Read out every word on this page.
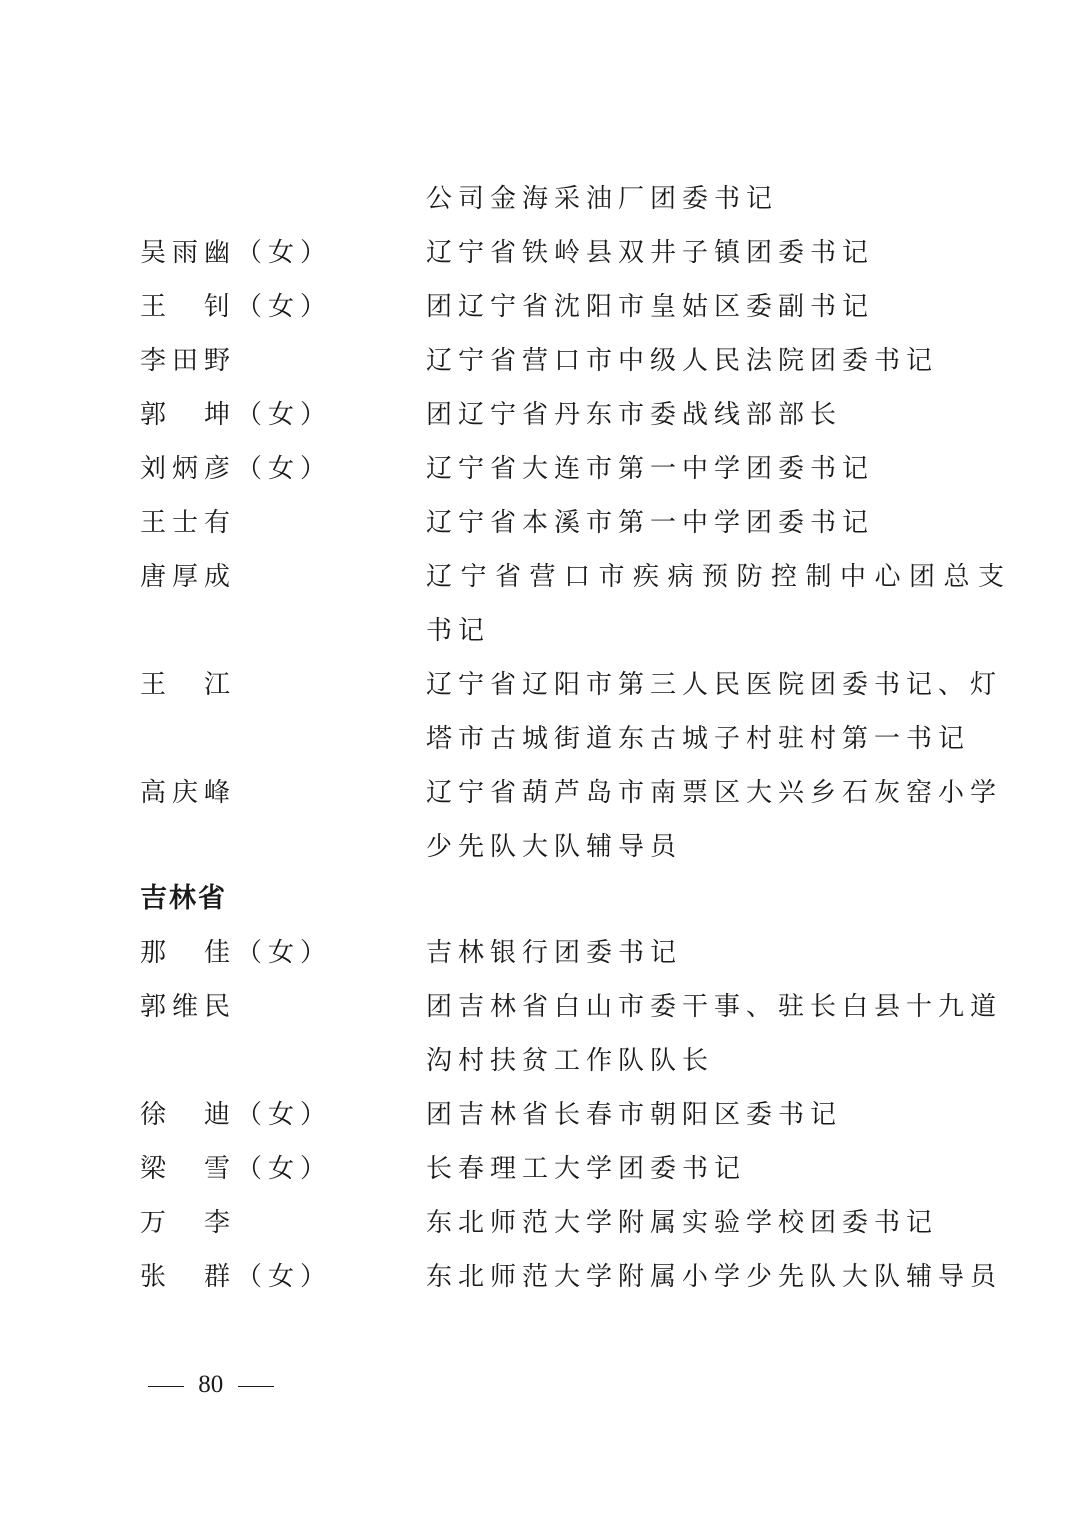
公司金海采油厂团委书记
吴雨幽（女）	辽宁省铁岭县双井子镇团委书记
王　钊（女）	团辽宁省沈阳市皇姑区委副书记
李田野	辽宁省营口市中级人民法院团委书记
郭　坤（女）	团辽宁省丹东市委战线部部长
刘炳彦（女）	辽宁省大连市第一中学团委书记
王士有	辽宁省本溪市第一中学团委书记
唐厚成	辽宁省营口市疾病预防控制中心团总支
书记
王　江	辽宁省辽阳市第三人民医院团委书记、灯
塔市古城街道东古城子村驻村第一书记
高庆峰	辽宁省葫芦岛市南票区大兴乡石灰窑小学
少先队大队辅导员
吉林省
那　佳（女）	吉林银行团委书记
郭维民	团吉林省白山市委干事、驻长白县十九道
沟村扶贫工作队队长
徐　迪（女）	团吉林省长春市朝阳区委书记
梁　雪（女）	长春理工大学团委书记
万　李	东北师范大学附属实验学校团委书记
张　群（女）	东北师范大学附属小学少先队大队辅导员
80
